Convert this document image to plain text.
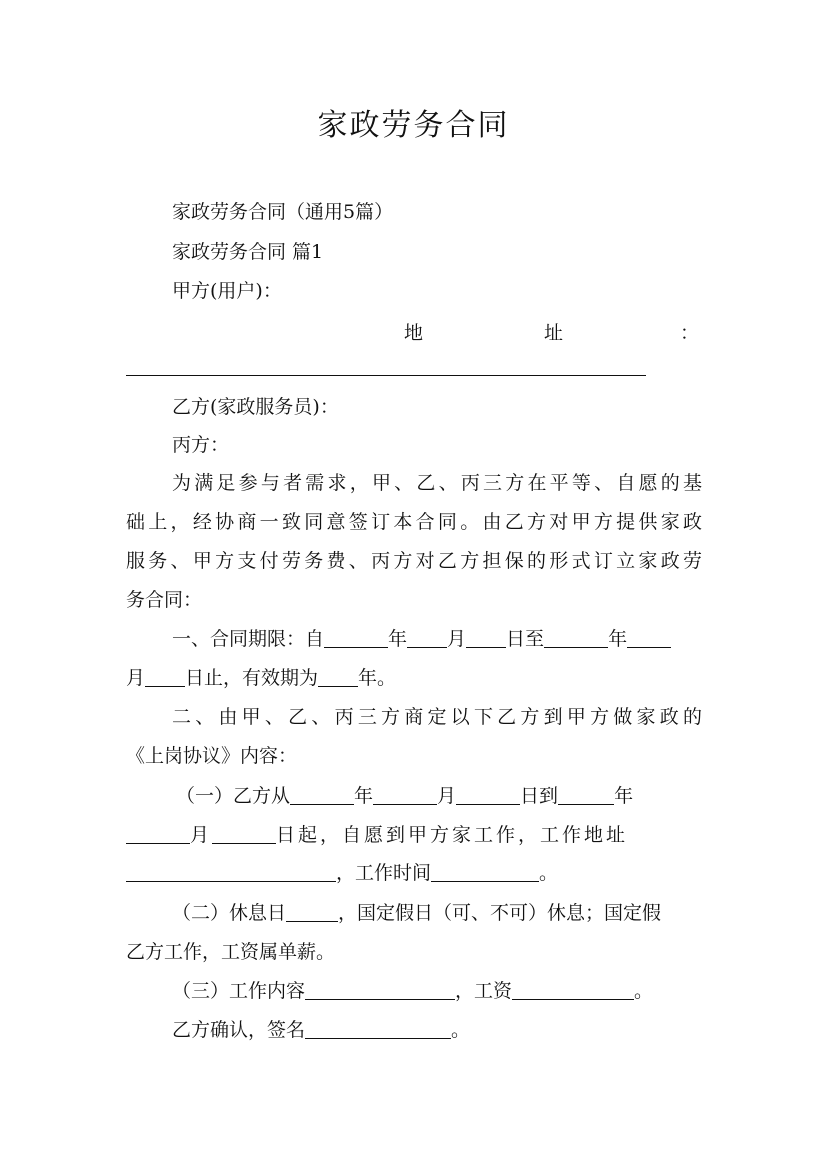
家政劳务合同
家政劳务合同（通用5篇）
家政劳务合同 篇1
甲方(用户)：
地	址	：
乙方(家政服务员)：
丙方：
为满足参与者需求，甲、乙、丙三方在平等、自愿的基
础上，经协商一致同意签订本合同。由乙方对甲方提供家政
服务、甲方支付劳务费、丙方对乙方担保的形式订立家政劳
务合同：
一、合同期限：自	年 月 日至	年
月 日止，有效期为 年。
二、由甲、乙、丙三方商定以下乙方到甲方做家政的
《上岗协议》内容：
（一）乙方从	年	月	日到	年
月	日起，自愿到甲方家工作，工作地址
，工作时间	。
（二）休息日	，国定假日（可、不可）休息；国定假
乙方工作，工资属单薪。
（三）工作内容	，工资	。
乙方确认，签名	。
